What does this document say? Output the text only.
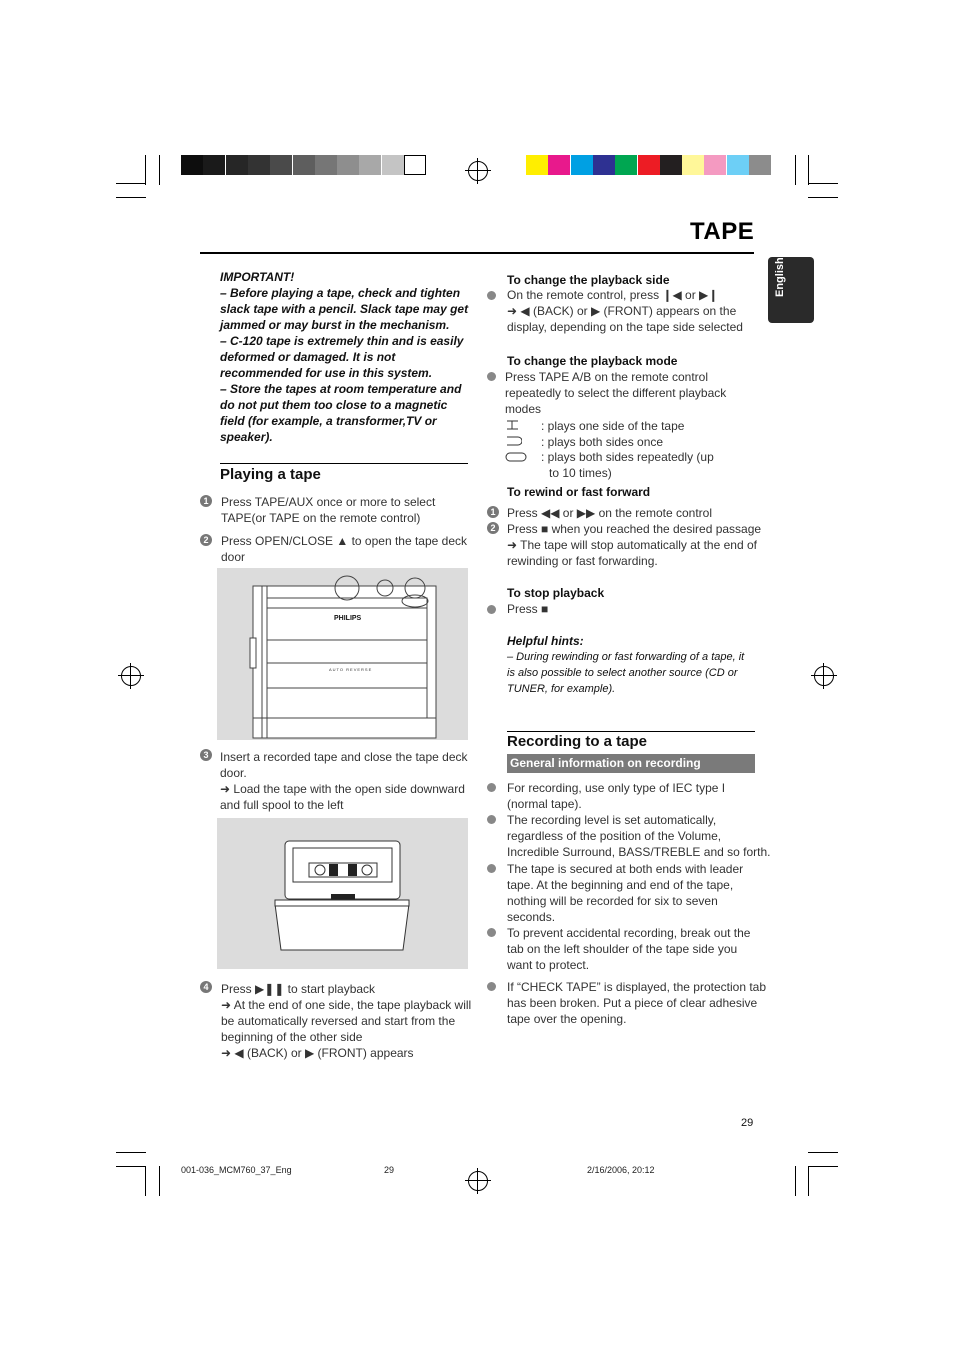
TAPE
English
IMPORTANT!
– Before playing a tape, check and tighten
slack tape with a pencil. Slack tape may get
jammed or may burst in the mechanism.
– C-120 tape is extremely thin and is easily
deformed or damaged. It is not
recommended for use in this system.
– Store the tapes at room temperature and
do not put them too close to a magnetic
field (for example, a transformer,TV or
speaker).
Playing a tape
1 Press TAPE/AUX once or more to select
TAPE(or TAPE on the remote control)
2 Press OPEN/CLOSE ▲ to open the tape deck
door
PHILIPS
AUTO REVERSE
3 Insert a recorded tape and close the tape deck
door.
➜ Load the tape with the open side downward
and full spool to the left
4 Press ▶❚❚ to start playback
➜ At the end of one side, the tape playback will
be automatically reversed and start from the
beginning of the other side
➜ ◀ (BACK) or ▶ (FRONT) appears
To change the playback side
On the remote control, press ❙◀ or ▶❙
➜ ◀ (BACK) or ▶ (FRONT) appears on the
display, depending on the tape side selected
To change the playback mode
Press TAPE A/B on the remote control
repeatedly to select the different playback
modes
: plays one side of the tape
: plays both sides once
: plays both sides repeatedly (up
to 10 times)
To rewind or fast forward
1 Press ◀◀ or ▶▶ on the remote control
2 Press ■ when you reached the desired passage
➜ The tape will stop automatically at the end of
rewinding or fast forwarding.
To stop playback
Press ■
Helpful hints:
– During rewinding or fast forwarding of a tape, it
is also possible to select another source (CD or
TUNER, for example).
Recording to a tape
General information on recording
For recording, use only type of IEC type I
(normal tape).
The recording level is set automatically,
regardless of the position of the Volume,
Incredible Surround, BASS/TREBLE and so forth.
The tape is secured at both ends with leader
tape. At the beginning and end of the tape,
nothing will be recorded for six to seven
seconds.
To prevent accidental recording, break out the
tab on the left shoulder of the tape side you
want to protect.
If “CHECK TAPE” is displayed, the protection tab
has been broken. Put a piece of clear adhesive
tape over the opening.
29
001-036_MCM760_37_Eng	29	2/16/2006, 20:12
